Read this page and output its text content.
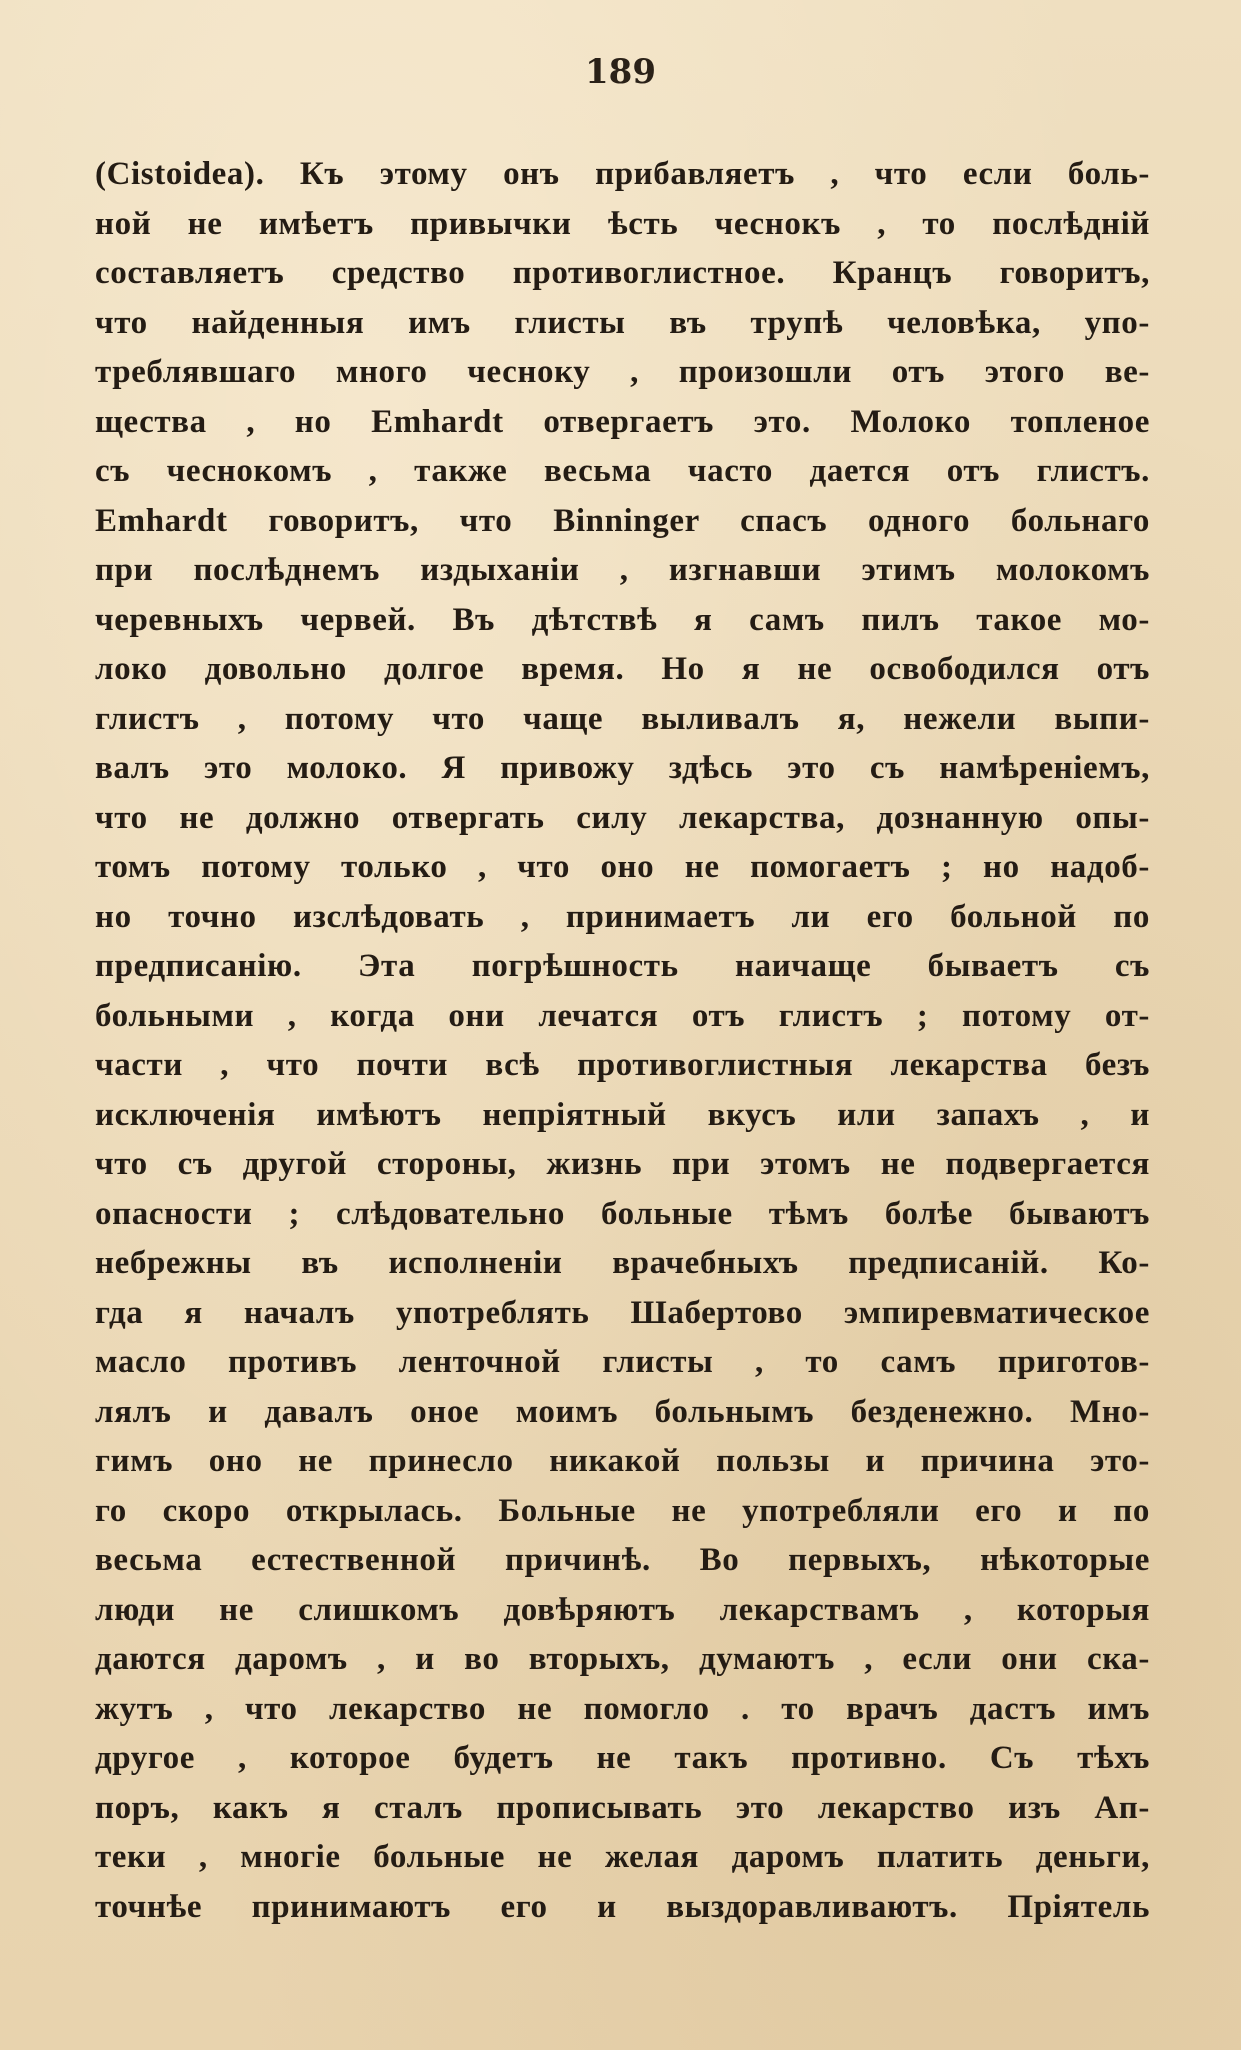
189
(Cistoidea). Къ этому онъ прибавляетъ , что если боль-
ной не имѣетъ привычки ѣсть чеснокъ , то послѣдній
составляетъ средство противоглистное. Кранцъ говоритъ,
что найденныя имъ глисты въ трупѣ человѣка, упо-
треблявшаго много чесноку , произошли отъ этого ве-
щества , но Emhardt отвергаетъ это. Молоко топленое
съ чеснокомъ , также весьма часто дается отъ глистъ.
Emhardt говоритъ, что Binninger спасъ одного больнаго
при послѣднемъ издыханіи , изгнавши этимъ молокомъ
черевныхъ червей. Въ дѣтствѣ я самъ пилъ такое мо-
локо довольно долгое время. Но я не освободился отъ
глистъ , потому что чаще выливалъ я, нежели выпи-
валъ это молоко. Я привожу здѣсь это съ намѣреніемъ,
что не должно отвергать силу лекарства, дознанную опы-
томъ потому только , что оно не помогаетъ ; но надоб-
но точно изслѣдовать , принимаетъ ли его больной по
предписанію. Эта погрѣшность наичаще бываетъ съ
больными , когда они лечатся отъ глистъ ; потому от-
части , что почти всѣ противоглистныя лекарства безъ
исключенія имѣютъ непріятный вкусъ или запахъ , и
что съ другой стороны, жизнь при этомъ не подвергается
опасности ; слѣдовательно больные тѣмъ болѣе бываютъ
небрежны въ исполненіи врачебныхъ предписаній. Ко-
гда я началъ употреблять Шабертово эмпиревматическое
масло противъ ленточной глисты , то самъ приготов-
лялъ и давалъ оное моимъ больнымъ безденежно. Мно-
гимъ оно не принесло никакой пользы и причина это-
го скоро открылась. Больные не употребляли его и по
весьма естественной причинѣ. Во первыхъ, нѣкоторые
люди не слишкомъ довѣряютъ лекарствамъ , которыя
даются даромъ , и во вторыхъ, думаютъ , если они ска-
жутъ , что лекарство не помогло . то врачъ дастъ имъ
другое , которое будетъ не такъ противно. Съ тѣхъ
поръ, какъ я сталъ прописывать это лекарство изъ Ап-
теки , многіе больные не желая даромъ платить деньги,
точнѣе принимаютъ его и выздоравливаютъ. Пріятель
